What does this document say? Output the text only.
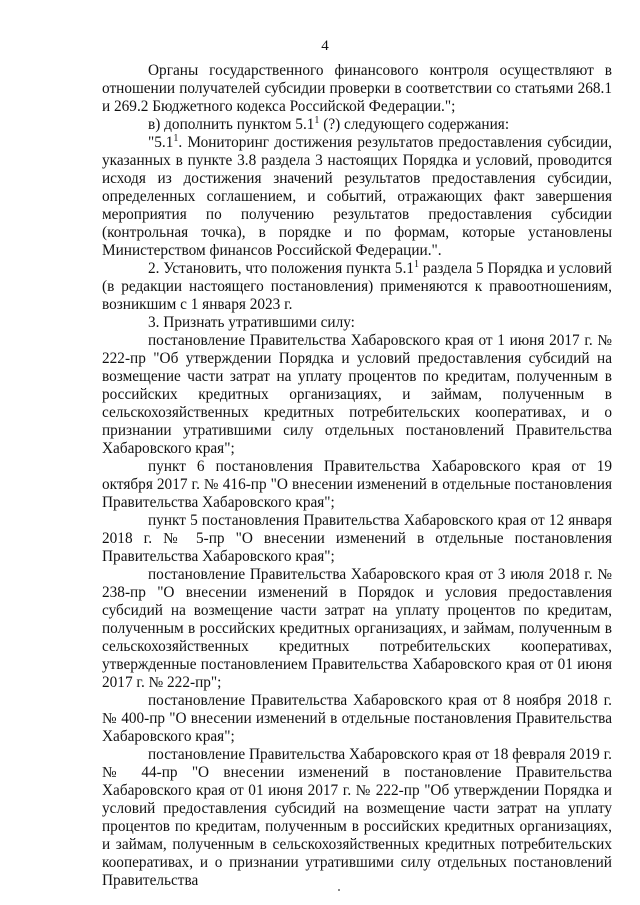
4

Органы государственного финансового контроля осуществляют в отношении получателей субсидии проверки в соответствии со статьями 268.1 и 269.2 Бюджетного кодекса Российской Федерации.";

в) дополнить пунктом $5.1^1$ (?) следующего содержания:

"$5.1^1$. Мониторинг достижения результатов предоставления субсидии, указанных в пункте 3.8 раздела 3 настоящих Порядка и условий, проводится исходя из достижения значений результатов предоставления субсидии, определенных соглашением, и событий, отражающих факт завершения мероприятия по получению результатов предоставления субсидии (контрольная точка), в порядке и по формам, которые установлены Министерством финансов Российской Федерации.".

2. Установить, что положения пункта $5.1^1$ раздела 5 Порядка и условий (в редакции настоящего постановления) применяются к правоотношениям, возникшим с 1 января 2023 г.

3. Признать утратившими силу:

постановление Правительства Хабаровского края от 1 июня 2017 г. № 222-пр "Об утверждении Порядка и условий предоставления субсидий на возмещение части затрат на уплату процентов по кредитам, полученным в российских кредитных организациях, и займам, полученным в сельскохозяйственных кредитных потребительских кооперативах, и о признании утратившими силу отдельных постановлений Правительства Хабаровского края";

пункт 6 постановления Правительства Хабаровского края от 19 октября 2017 г. № 416-пр "О внесении изменений в отдельные постановления Правительства Хабаровского края";

пункт 5 постановления Правительства Хабаровского края от 12 января 2018 г. № 5-пр "О внесении изменений в отдельные постановления Правительства Хабаровского края";

постановление Правительства Хабаровского края от 3 июля 2018 г. № 238-пр "О внесении изменений в Порядок и условия предоставления субсидий на возмещение части затрат на уплату процентов по кредитам, полученным в российских кредитных организациях, и займам, полученным в сельскохозяйственных кредитных потребительских кооперативах, утвержденные постановлением Правительства Хабаровского края от 01 июня 2017 г. № 222-пр";

постановление Правительства Хабаровского края от 8 ноября 2018 г. № 400-пр "О внесении изменений в отдельные постановления Правительства Хабаровского края";

постановление Правительства Хабаровского края от 18 февраля 2019 г. № 44-пр "О внесении изменений в постановление Правительства Хабаровского края от 01 июня 2017 г. № 222-пр "Об утверждении Порядка и условий предоставления субсидий на возмещение части затрат на уплату процентов по кредитам, полученным в российских кредитных организациях, и займам, полученным в сельскохозяйственных кредитных потребительских кооперативах, и о признании утратившими силу отдельных постановлений Правительства
